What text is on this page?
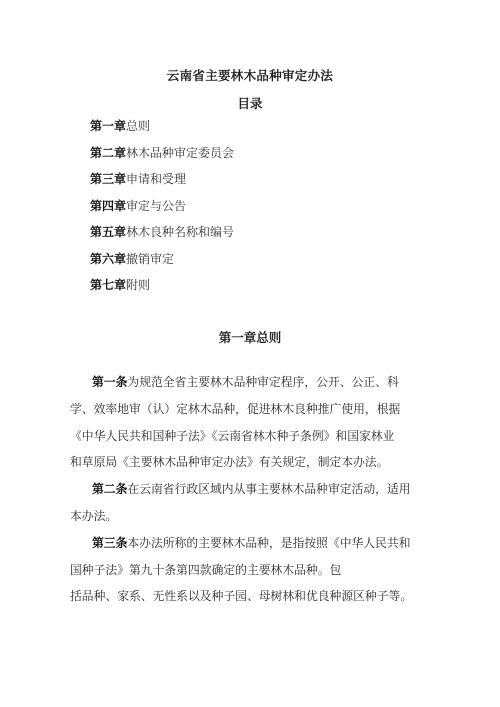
云南省主要林木品种审定办法
目录
第一章总则
第二章林木品种审定委员会
第三章申请和受理
第四章审定与公告
第五章林木良种名称和编号
第六章撤销审定
第七章附则
第一章总则
第一条为规范全省主要林木品种审定程序，公开、公正、科
学、效率地审（认）定林木品种，促进林木良种推广使用，根据
《中华人民共和国种子法》《云南省林木种子条例》和国家林业
和草原局《主要林木品种审定办法》有关规定，制定本办法。
第二条在云南省行政区域内从事主要林木品种审定活动，适用
本办法。
第三条本办法所称的主要林木品种，是指按照《中华人民共和
国种子法》第九十条第四款确定的主要林木品种。包
括品种、家系、无性系以及种子园、母树林和优良种源区种子等。
